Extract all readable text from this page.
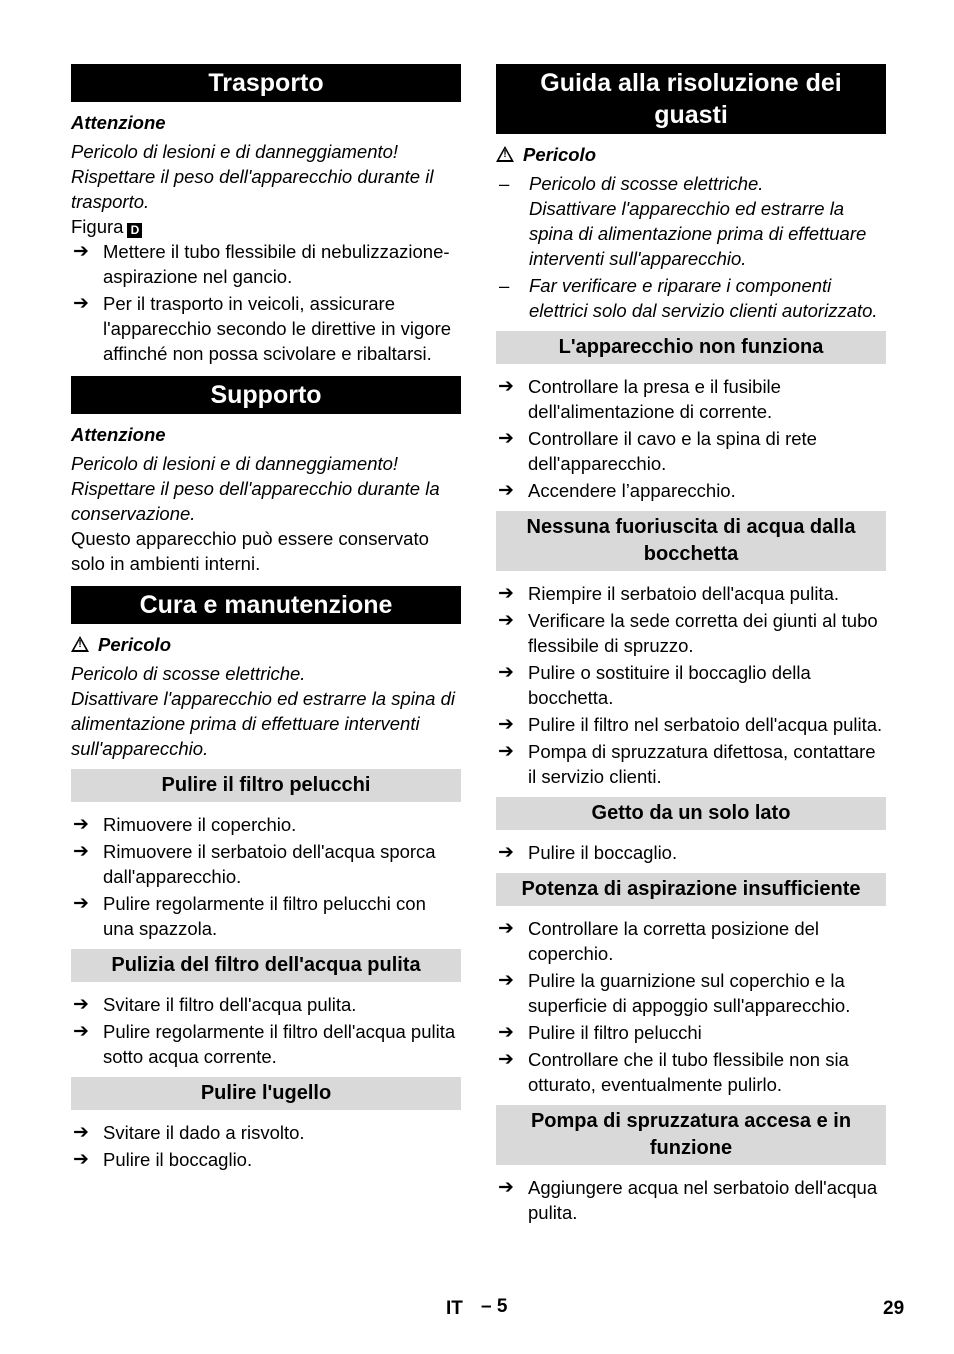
Trasporto

Attenzione

Pericolo di lesioni e di danneggiamento! Rispettare il peso dell'apparecchio durante il trasporto.

Figura D

➔ Mettere il tubo flessibile di nebulizzazione-aspirazione nel gancio.
➔ Per il trasporto in veicoli, assicurare l'apparecchio secondo le direttive in vigore affinché non possa scivolare e ribaltarsi.
Supporto

Attenzione

Pericolo di lesioni e di danneggiamento! Rispettare il peso dell'apparecchio durante la conservazione.

Questo apparecchio può essere conservato solo in ambienti interni.

Cura e manutenzione

!Pericolo

Pericolo di scosse elettriche.

Disattivare l'apparecchio ed estrarre la spina di alimentazione prima di effettuare interventi sull'apparecchio.

Pulire il filtro pelucchi
➔ Rimuovere il coperchio.
➔ Rimuovere il serbatoio dell'acqua sporca dall'apparecchio.
➔ Pulire regolarmente il filtro pelucchi con una spazzola.
Pulizia del filtro dell'acqua pulita
➔ Svitare il filtro dell'acqua pulita.
➔ Pulire regolarmente il filtro dell'acqua pulita sotto acqua corrente.
Pulire l'ugello
➔ Svitare il dado a risvolto.
➔ Pulire il boccaglio.
Guida alla risoluzione dei guasti

!Pericolo

– Pericolo di scosse elettriche.
Disattivare l'apparecchio ed estrarre la spina di alimentazione prima di effettuare interventi sull'apparecchio.
– Far verificare e riparare i componenti elettrici solo dal servizio clienti autorizzato.
L'apparecchio non funziona
➔ Controllare la presa e il fusibile dell'alimentazione di corrente.
➔ Controllare il cavo e la spina di rete dell'apparecchio.
➔ Accendere l’apparecchio.
Nessuna fuoriuscita di acqua dalla bocchetta
➔ Riempire il serbatoio dell'acqua pulita.
➔ Verificare la sede corretta dei giunti al tubo flessibile di spruzzo.
➔ Pulire o sostituire il boccaglio della bocchetta.
➔ Pulire il filtro nel serbatoio dell'acqua pulita.
➔ Pompa di spruzzatura difettosa, contattare il servizio clienti.
Getto da un solo lato
➔ Pulire il boccaglio.
Potenza di aspirazione insufficiente
➔ Controllare la corretta posizione del coperchio.
➔ Pulire la guarnizione sul coperchio e la superficie di appoggio sull'apparecchio.
➔ Pulire il filtro pelucchi
➔ Controllare che il tubo flessibile non sia otturato, eventualmente pulirlo.
Pompa di spruzzatura accesa e in funzione
➔ Aggiungere acqua nel serbatoio dell'acqua pulita.
IT – 5	29
